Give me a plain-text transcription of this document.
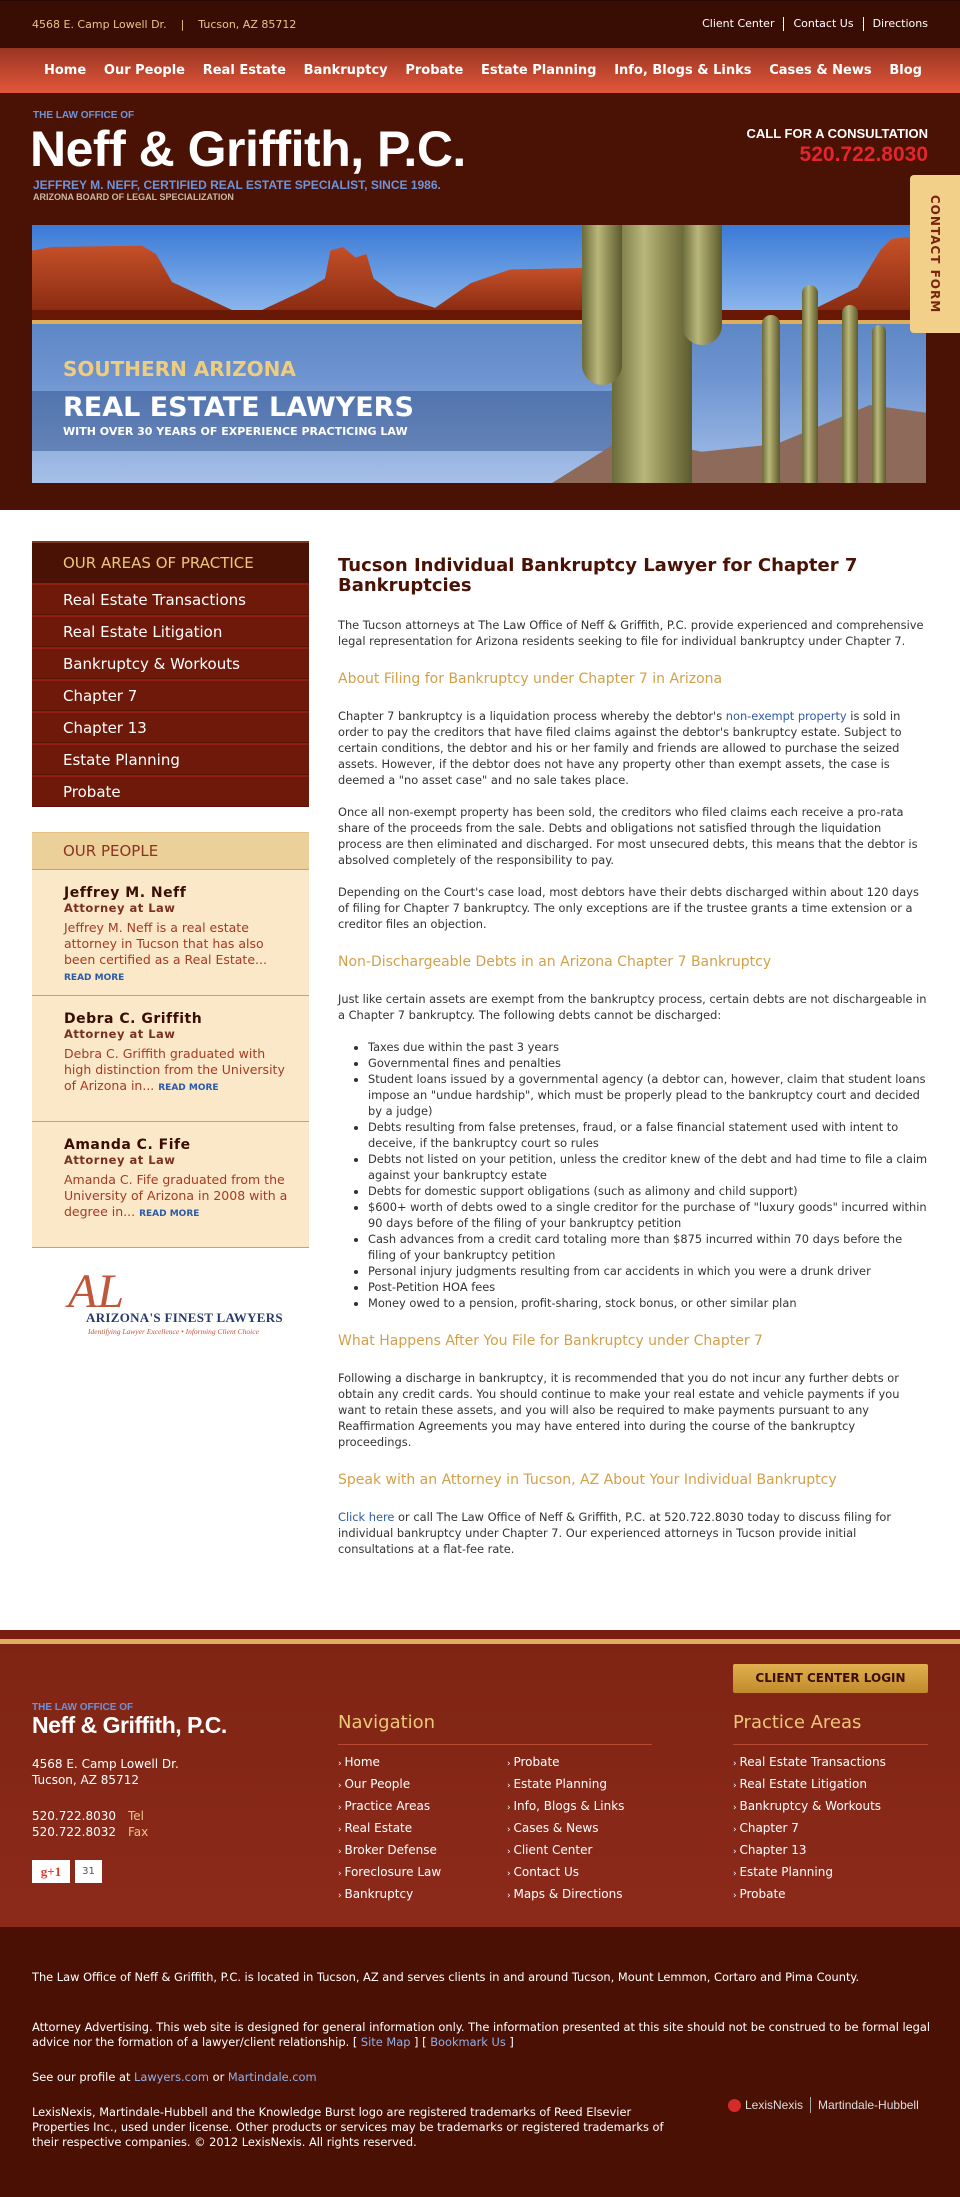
4568 E. Camp Lowell Dr. | Tucson, AZ 85712	Client Center	Contact Us	Directions
Home Our People Real Estate Bankruptcy Probate Estate Planning Info, Blogs & Links Cases & News Blog
THE LAW OFFICE OF
Neff & Griffith, P.C.
JEFFREY M. NEFF, CERTIFIED REAL ESTATE SPECIALIST, SINCE 1986.
ARIZONA BOARD OF LEGAL SPECIALIZATION
CALL FOR A CONSULTATION
520.722.8030
SOUTHERN ARIZONA
REAL ESTATE LAWYERS
WITH OVER 30 YEARS OF EXPERIENCE PRACTICING LAW
CONTACT FORM
OUR AREAS OF PRACTICE
Real Estate Transactions
Real Estate Litigation
Bankruptcy & Workouts
Chapter 7
Chapter 13
Estate Planning
Probate
OUR PEOPLE
Jeffrey M. Neff
Attorney at Law
Jeffrey M. Neff is a real estate attorney in Tucson that has also been certified as a Real Estate... READ MORE
Debra C. Griffith
Attorney at Law
Debra C. Griffith graduated with high distinction from the University of Arizona in... READ MORE
Amanda C. Fife
Attorney at Law
Amanda C. Fife graduated from the University of Arizona in 2008 with a degree in... READ MORE
AL
ARIZONA'S FINEST LAWYERS
Identifying Lawyer Excellence • Informing Client Choice
Tucson Individual Bankruptcy Lawyer for Chapter 7 Bankruptcies

The Tucson attorneys at The Law Office of Neff & Griffith, P.C. provide experienced and comprehensive legal representation for Arizona residents seeking to file for individual bankruptcy under Chapter 7.

About Filing for Bankruptcy under Chapter 7 in Arizona

Chapter 7 bankruptcy is a liquidation process whereby the debtor's non-exempt property is sold in order to pay the creditors that have filed claims against the debtor's bankruptcy estate. Subject to certain conditions, the debtor and his or her family and friends are allowed to purchase the seized assets. However, if the debtor does not have any property other than exempt assets, the case is deemed a "no asset case" and no sale takes place.

Once all non-exempt property has been sold, the creditors who filed claims each receive a pro-rata share of the proceeds from the sale. Debts and obligations not satisfied through the liquidation process are then eliminated and discharged. For most unsecured debts, this means that the debtor is absolved completely of the responsibility to pay.

Depending on the Court's case load, most debtors have their debts discharged within about 120 days of filing for Chapter 7 bankruptcy. The only exceptions are if the trustee grants a time extension or a creditor files an objection.

Non-Dischargeable Debts in an Arizona Chapter 7 Bankruptcy

Just like certain assets are exempt from the bankruptcy process, certain debts are not dischargeable in a Chapter 7 bankruptcy. The following debts cannot be discharged:

• Taxes due within the past 3 years
• Governmental fines and penalties
• Student loans issued by a governmental agency (a debtor can, however, claim that student loans impose an "undue hardship", which must be properly plead to the bankruptcy court and decided by a judge)
• Debts resulting from false pretenses, fraud, or a false financial statement used with intent to deceive, if the bankruptcy court so rules
• Debts not listed on your petition, unless the creditor knew of the debt and had time to file a claim against your bankruptcy estate
• Debts for domestic support obligations (such as alimony and child support)
• $600+ worth of debts owed to a single creditor for the purchase of "luxury goods" incurred within 90 days before of the filing of your bankruptcy petition
• Cash advances from a credit card totaling more than $875 incurred within 70 days before the filing of your bankruptcy petition
• Personal injury judgments resulting from car accidents in which you were a drunk driver
• Post-Petition HOA fees
• Money owed to a pension, profit-sharing, stock bonus, or other similar plan
What Happens After You File for Bankruptcy under Chapter 7

Following a discharge in bankruptcy, it is recommended that you do not incur any further debts or obtain any credit cards. You should continue to make your real estate and vehicle payments if you want to retain these assets, and you will also be required to make payments pursuant to any Reaffirmation Agreements you may have entered into during the course of the bankruptcy proceedings.

Speak with an Attorney in Tucson, AZ About Your Individual Bankruptcy

Click here or call The Law Office of Neff & Griffith, P.C. at 520.722.8030 today to discuss filing for individual bankruptcy under Chapter 7. Our experienced attorneys in Tucson provide initial consultations at a flat-fee rate.

CLIENT CENTER LOGIN
THE LAW OFFICE OF
Neff & Griffith, P.C.
4568 E. Camp Lowell Dr.
Tucson, AZ 85712
520.722.8030 Tel
520.722.8032 Fax
g+1	31
Navigation
› Home
› Our People
› Practice Areas
› Real Estate
› Broker Defense
› Foreclosure Law
› Bankruptcy
› Probate
› Estate Planning
› Info, Blogs & Links
› Cases & News
› Client Center
› Contact Us
› Maps & Directions
Practice Areas
› Real Estate Transactions
› Real Estate Litigation
› Bankruptcy & Workouts
› Chapter 7
› Chapter 13
› Estate Planning
› Probate

The Law Office of Neff & Griffith, P.C. is located in Tucson, AZ and serves clients in and around Tucson, Mount Lemmon, Cortaro and Pima County.

Attorney Advertising. This web site is designed for general information only. The information presented at this site should not be construed to be formal legal advice nor the formation of a lawyer/client relationship. [ Site Map ] [ Bookmark Us ]

See our profile at Lawyers.com or Martindale.com

LexisNexis, Martindale-Hubbell and the Knowledge Burst logo are registered trademarks of Reed Elsevier Properties Inc., used under license. Other products or services may be trademarks or registered trademarks of their respective companies. © 2012 LexisNexis. All rights reserved.

LexisNexis Martindale-Hubbell
